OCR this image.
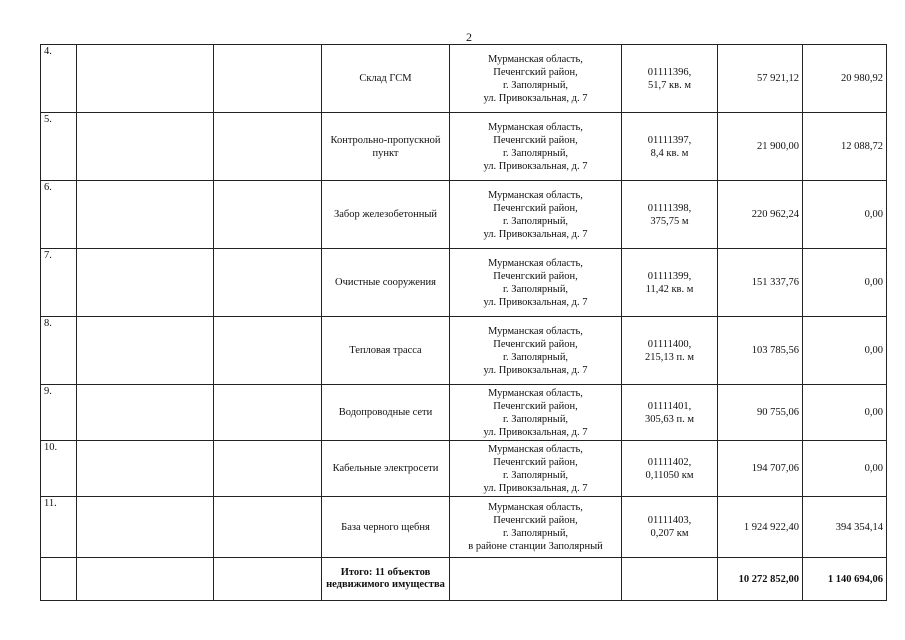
2
4.			Склад ГСМ	Мурманская область,
Печенгский район,
г. Заполярный,
ул. Привокзальная, д. 7	01111396,
51,7 кв. м	57 921,12	20 980,92
5.			Контрольно-пропускной пункт	Мурманская область,
Печенгский район,
г. Заполярный,
ул. Привокзальная, д. 7	01111397,
8,4 кв. м	21 900,00	12 088,72
6.			Забор железобетонный	Мурманская область,
Печенгский район,
г. Заполярный,
ул. Привокзальная, д. 7	01111398,
375,75 м	220 962,24	0,00
7.			Очистные сооружения	Мурманская область,
Печенгский район,
г. Заполярный,
ул. Привокзальная, д. 7	01111399,
11,42 кв. м	151 337,76	0,00
8.			Тепловая трасса	Мурманская область,
Печенгский район,
г. Заполярный,
ул. Привокзальная, д. 7	01111400,
215,13 п. м	103 785,56	0,00
9.			Водопроводные сети	Мурманская область,
Печенгский район,
г. Заполярный,
ул. Привокзальная, д. 7	01111401,
305,63 п. м	90 755,06	0,00
10.			Кабельные электросети	Мурманская область,
Печенгский район,
г. Заполярный,
ул. Привокзальная, д. 7	01111402,
0,11050 км	194 707,06	0,00
11.			База черного щебня	Мурманская область,
Печенгский район,
г. Заполярный,
в районе станции Заполярный	01111403,
0,207 км	1 924 922,40	394 354,14
			Итого: 11 объектов недвижимого имущества			10 272 852,00	1 140 694,06
